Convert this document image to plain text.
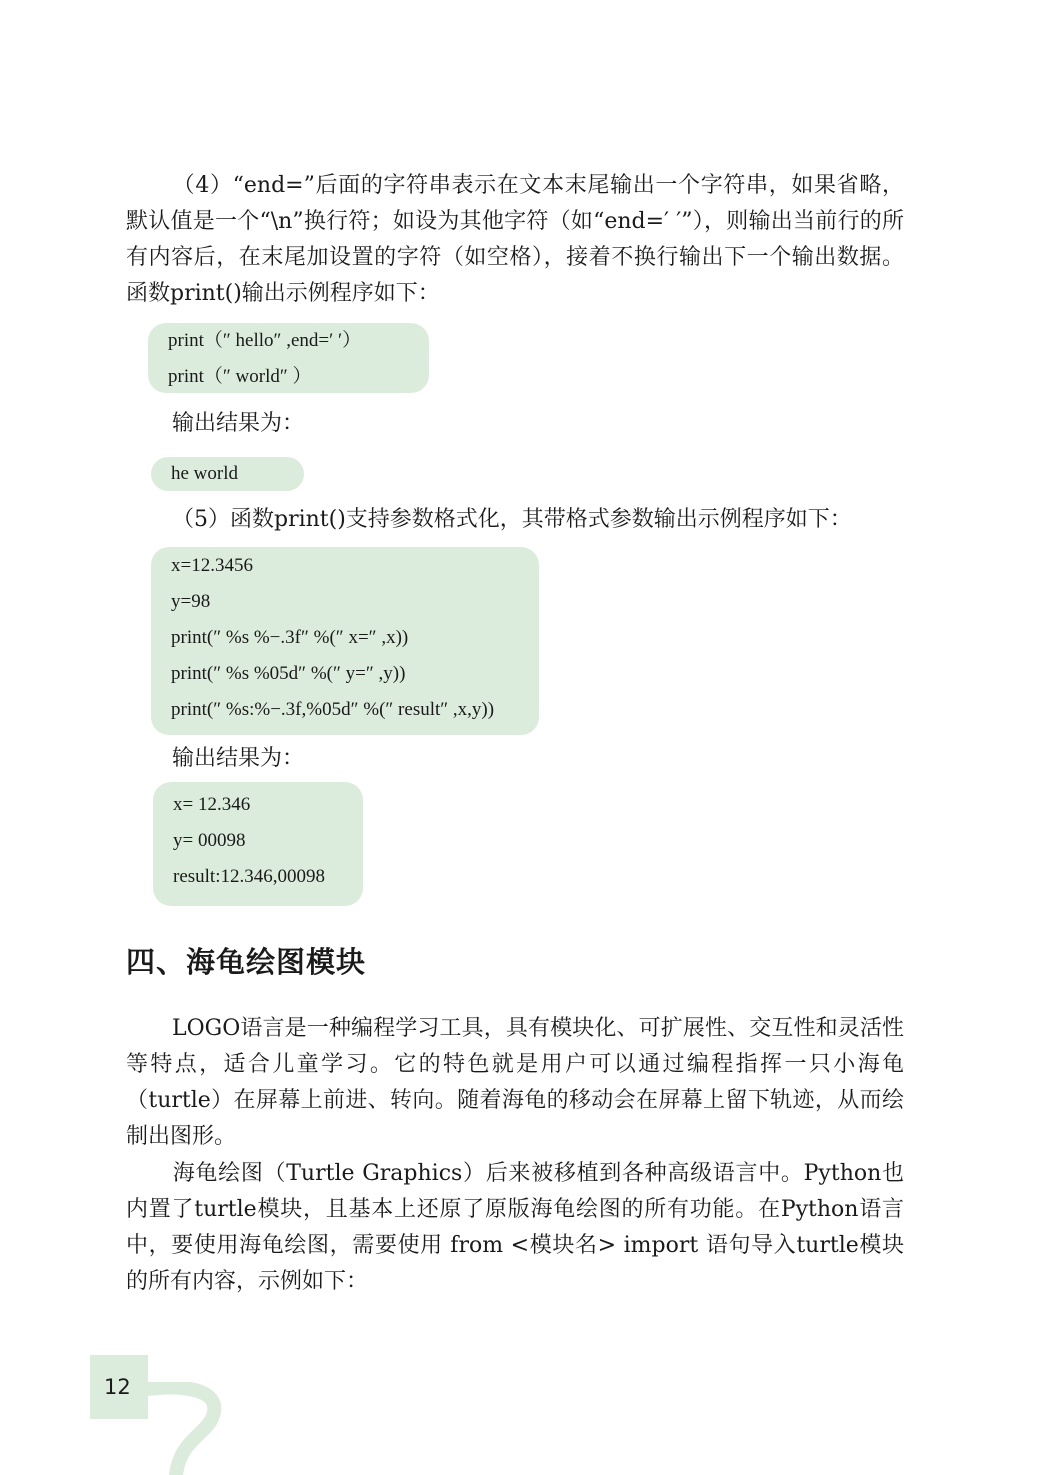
（4）“end=”后面的字符串表示在文本末尾输出一个字符串，如果省略，默认值是一个“\n”换行符；如设为其他字符（如“end=′ ′”），则输出当前行的所有内容后，在末尾加设置的字符（如空格），接着不换行输出下一个输出数据。函数print()输出示例程序如下：

print（″ hello″ ,end=′ ′）
print（″ world″ ）

输出结果为：

he world

（5）函数print()支持参数格式化，其带格式参数输出示例程序如下：

x=12.3456
y=98
print(″ %s %−.3f″ %(″ x=″ ,x))
print(″ %s %05d″ %(″ y=″ ,y))
print(″ %s:%−.3f,%05d″ %(″ result″ ,x,y))

输出结果为：

x= 12.346
y= 00098
result:12.346,00098
四、海龟绘图模块

LOGO语言是一种编程学习工具，具有模块化、可扩展性、交互性和灵活性等特点，适合儿童学习。它的特色就是用户可以通过编程指挥一只小海龟（turtle）在屏幕上前进、转向。随着海龟的移动会在屏幕上留下轨迹，从而绘制出图形。

海龟绘图（Turtle Graphics）后来被移植到各种高级语言中。Python也内置了turtle模块，且基本上还原了原版海龟绘图的所有功能。在Python语言中，要使用海龟绘图，需要使用 from <模块名> import 语句导入turtle模块的所有内容，示例如下：

12
